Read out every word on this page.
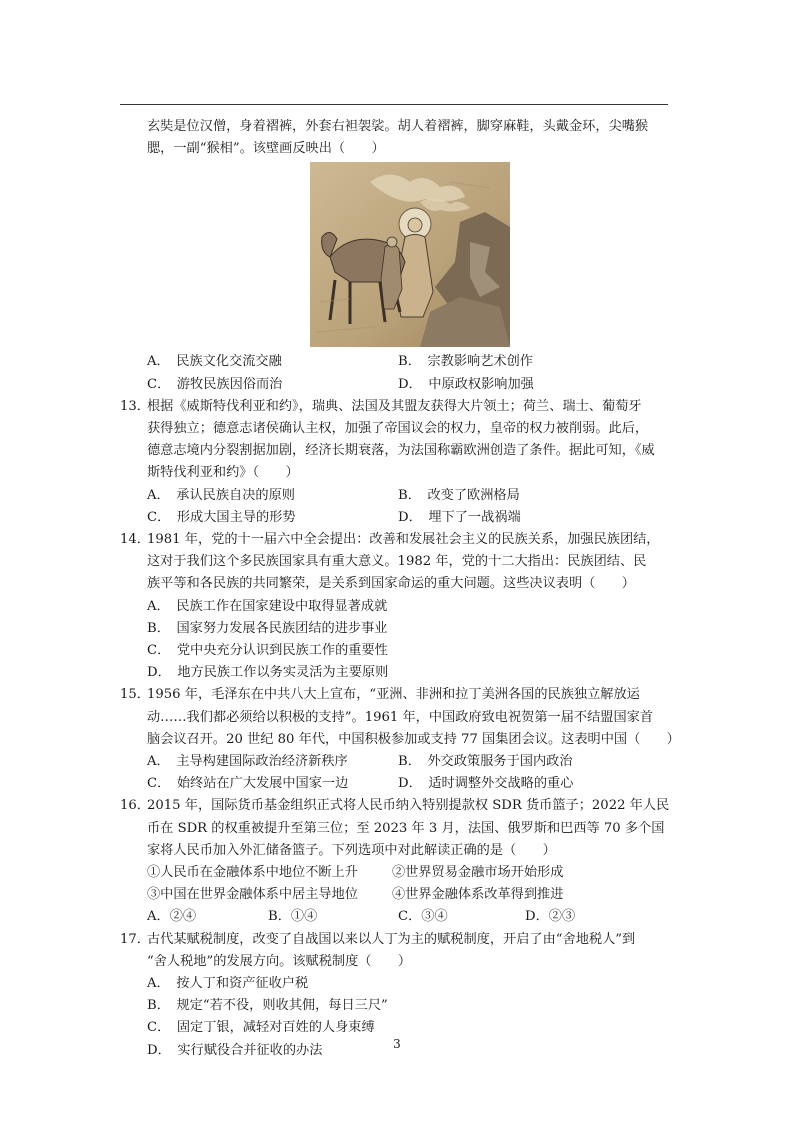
玄奘是位汉僧，身着褶裤，外套右袒袈裟。胡人着褶裤，脚穿麻鞋，头戴金环，尖嘴猴
腮，一副“猴相”。该壁画反映出（　　）
A．　民族文化交流交融	B．　宗教影响艺术创作
C．　游牧民族因俗而治	D．　中原政权影响加强
13．根据《威斯特伐利亚和约》，瑞典、法国及其盟友获得大片领土；荷兰、瑞士、葡萄牙
获得独立；德意志诸侯确认主权，加强了帝国议会的权力，皇帝的权力被削弱。此后，
德意志境内分裂割据加剧，经济长期衰落，为法国称霸欧洲创造了条件。据此可知，《威
斯特伐利亚和约》（　　）
A．　承认民族自决的原则	B．　改变了欧洲格局
C．　形成大国主导的形势	D．　埋下了一战祸端
14．1981 年，党的十一届六中全会提出：改善和发展社会主义的民族关系，加强民族团结，
这对于我们这个多民族国家具有重大意义。1982 年，党的十二大指出：民族团结、民
族平等和各民族的共同繁荣，是关系到国家命运的重大问题。这些决议表明（　　）
A．　民族工作在国家建设中取得显著成就
B．　国家努力发展各民族团结的进步事业
C．　党中央充分认识到民族工作的重要性
D．　地方民族工作以务实灵活为主要原则
15．1956 年，毛泽东在中共八大上宣布，“亚洲、非洲和拉丁美洲各国的民族独立解放运
动……我们都必须给以积极的支持”。1961 年，中国政府致电祝贺第一届不结盟国家首
脑会议召开。20 世纪 80 年代，中国积极参加或支持 77 国集团会议。这表明中国（　　）
A．　主导构建国际政治经济新秩序	B．　外交政策服务于国内政治
C．　始终站在广大发展中国家一边	D．　适时调整外交战略的重心
16．2015 年，国际货币基金组织正式将人民币纳入特别提款权 SDR 货币篮子；2022 年人民
币在 SDR 的权重被提升至第三位；至 2023 年 3 月，法国、俄罗斯和巴西等 70 多个国
家将人民币加入外汇储备篮子。下列选项中对此解读正确的是（　　）
①人民币在金融体系中地位不断上升	②世界贸易金融市场开始形成
③中国在世界金融体系中居主导地位	④世界金融体系改革得到推进
A．②④	B．①④	C．③④	D．②③
17．古代某赋税制度，改变了自战国以来以人丁为主的赋税制度，开启了由“舍地税人”到
“舍人税地”的发展方向。该赋税制度（　　）
A．　按人丁和资产征收户税
B．　规定“若不役，则收其佣，每日三尺”
C．　固定丁银，减轻对百姓的人身束缚
D．　实行赋役合并征收的办法	3
